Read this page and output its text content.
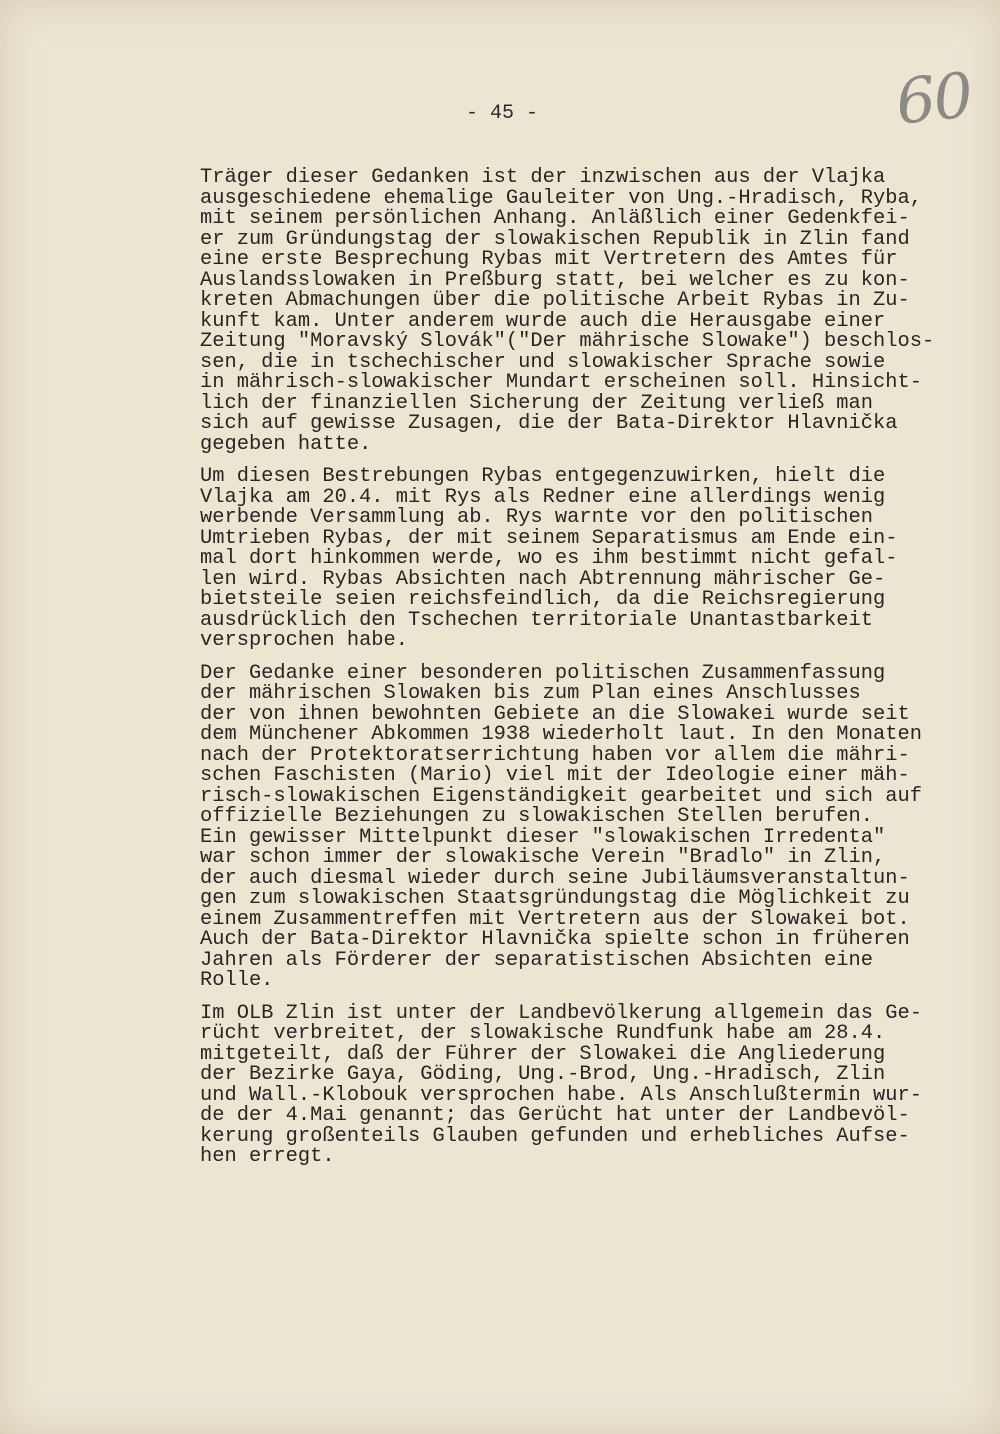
- 45 -	60
Träger dieser Gedanken ist der inzwischen aus der Vlajka
ausgeschiedene ehemalige Gauleiter von Ung.-Hradisch, Ryba,
mit seinem persönlichen Anhang. Anläßlich einer Gedenkfei-
er zum Gründungstag der slowakischen Republik in Zlin fand
eine erste Besprechung Rybas mit Vertretern des Amtes für
Auslandsslowaken in Preßburg statt, bei welcher es zu kon-
kreten Abmachungen über die politische Arbeit Rybas in Zu-
kunft kam. Unter anderem wurde auch die Herausgabe einer
Zeitung "Moravský Slovák"("Der mährische Slowake") beschlos-
sen, die in tschechischer und slowakischer Sprache sowie
in mährisch-slowakischer Mundart erscheinen soll. Hinsicht-
lich der finanziellen Sicherung der Zeitung verließ man
sich auf gewisse Zusagen, die der Bata-Direktor Hlavnička
gegeben hatte.
Um diesen Bestrebungen Rybas entgegenzuwirken, hielt die
Vlajka am 20.4. mit Rys als Redner eine allerdings wenig
werbende Versammlung ab. Rys warnte vor den politischen
Umtrieben Rybas, der mit seinem Separatismus am Ende ein-
mal dort hinkommen werde, wo es ihm bestimmt nicht gefal-
len wird. Rybas Absichten nach Abtrennung mährischer Ge-
bietsteile seien reichsfeindlich, da die Reichsregierung
ausdrücklich den Tschechen territoriale Unantastbarkeit
versprochen habe.
Der Gedanke einer besonderen politischen Zusammenfassung
der mährischen Slowaken bis zum Plan eines Anschlusses
der von ihnen bewohnten Gebiete an die Slowakei wurde seit
dem Münchener Abkommen 1938 wiederholt laut. In den Monaten
nach der Protektoratserrichtung haben vor allem die mähri-
schen Faschisten (Mario) viel mit der Ideologie einer mäh-
risch-slowakischen Eigenständigkeit gearbeitet und sich auf
offizielle Beziehungen zu slowakischen Stellen berufen.
Ein gewisser Mittelpunkt dieser "slowakischen Irredenta"
war schon immer der slowakische Verein "Bradlo" in Zlin,
der auch diesmal wieder durch seine Jubiläumsveranstaltun-
gen zum slowakischen Staatsgründungstag die Möglichkeit zu
einem Zusammentreffen mit Vertretern aus der Slowakei bot.
Auch der Bata-Direktor Hlavnička spielte schon in früheren
Jahren als Förderer der separatistischen Absichten eine
Rolle.
Im OLB Zlin ist unter der Landbevölkerung allgemein das Ge-
rücht verbreitet, der slowakische Rundfunk habe am 28.4.
mitgeteilt, daß der Führer der Slowakei die Angliederung
der Bezirke Gaya, Göding, Ung.-Brod, Ung.-Hradisch, Zlin
und Wall.-Klobouk versprochen habe. Als Anschlußtermin wur-
de der 4.Mai genannt; das Gerücht hat unter der Landbevöl-
kerung großenteils Glauben gefunden und erhebliches Aufse-
hen erregt.
